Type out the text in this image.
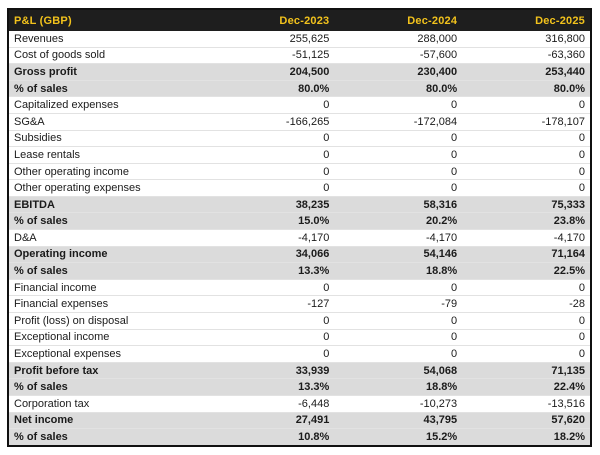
P&L (GBP)	Dec-2023	Dec-2024	Dec-2025
Revenues	255,625	288,000	316,800
Cost of goods sold	-51,125	-57,600	-63,360
Gross profit	204,500	230,400	253,440
% of sales	80.0%	80.0%	80.0%
Capitalized expenses	0	0	0
SG&A	-166,265	-172,084	-178,107
Subsidies	0	0	0
Lease rentals	0	0	0
Other operating income	0	0	0
Other operating expenses	0	0	0
EBITDA	38,235	58,316	75,333
% of sales	15.0%	20.2%	23.8%
D&A	-4,170	-4,170	-4,170
Operating income	34,066	54,146	71,164
% of sales	13.3%	18.8%	22.5%
Financial income	0	0	0
Financial expenses	-127	-79	-28
Profit (loss) on disposal	0	0	0
Exceptional income	0	0	0
Exceptional expenses	0	0	0
Profit before tax	33,939	54,068	71,135
% of sales	13.3%	18.8%	22.4%
Corporation tax	-6,448	-10,273	-13,516
Net income	27,491	43,795	57,620
% of sales	10.8%	15.2%	18.2%
